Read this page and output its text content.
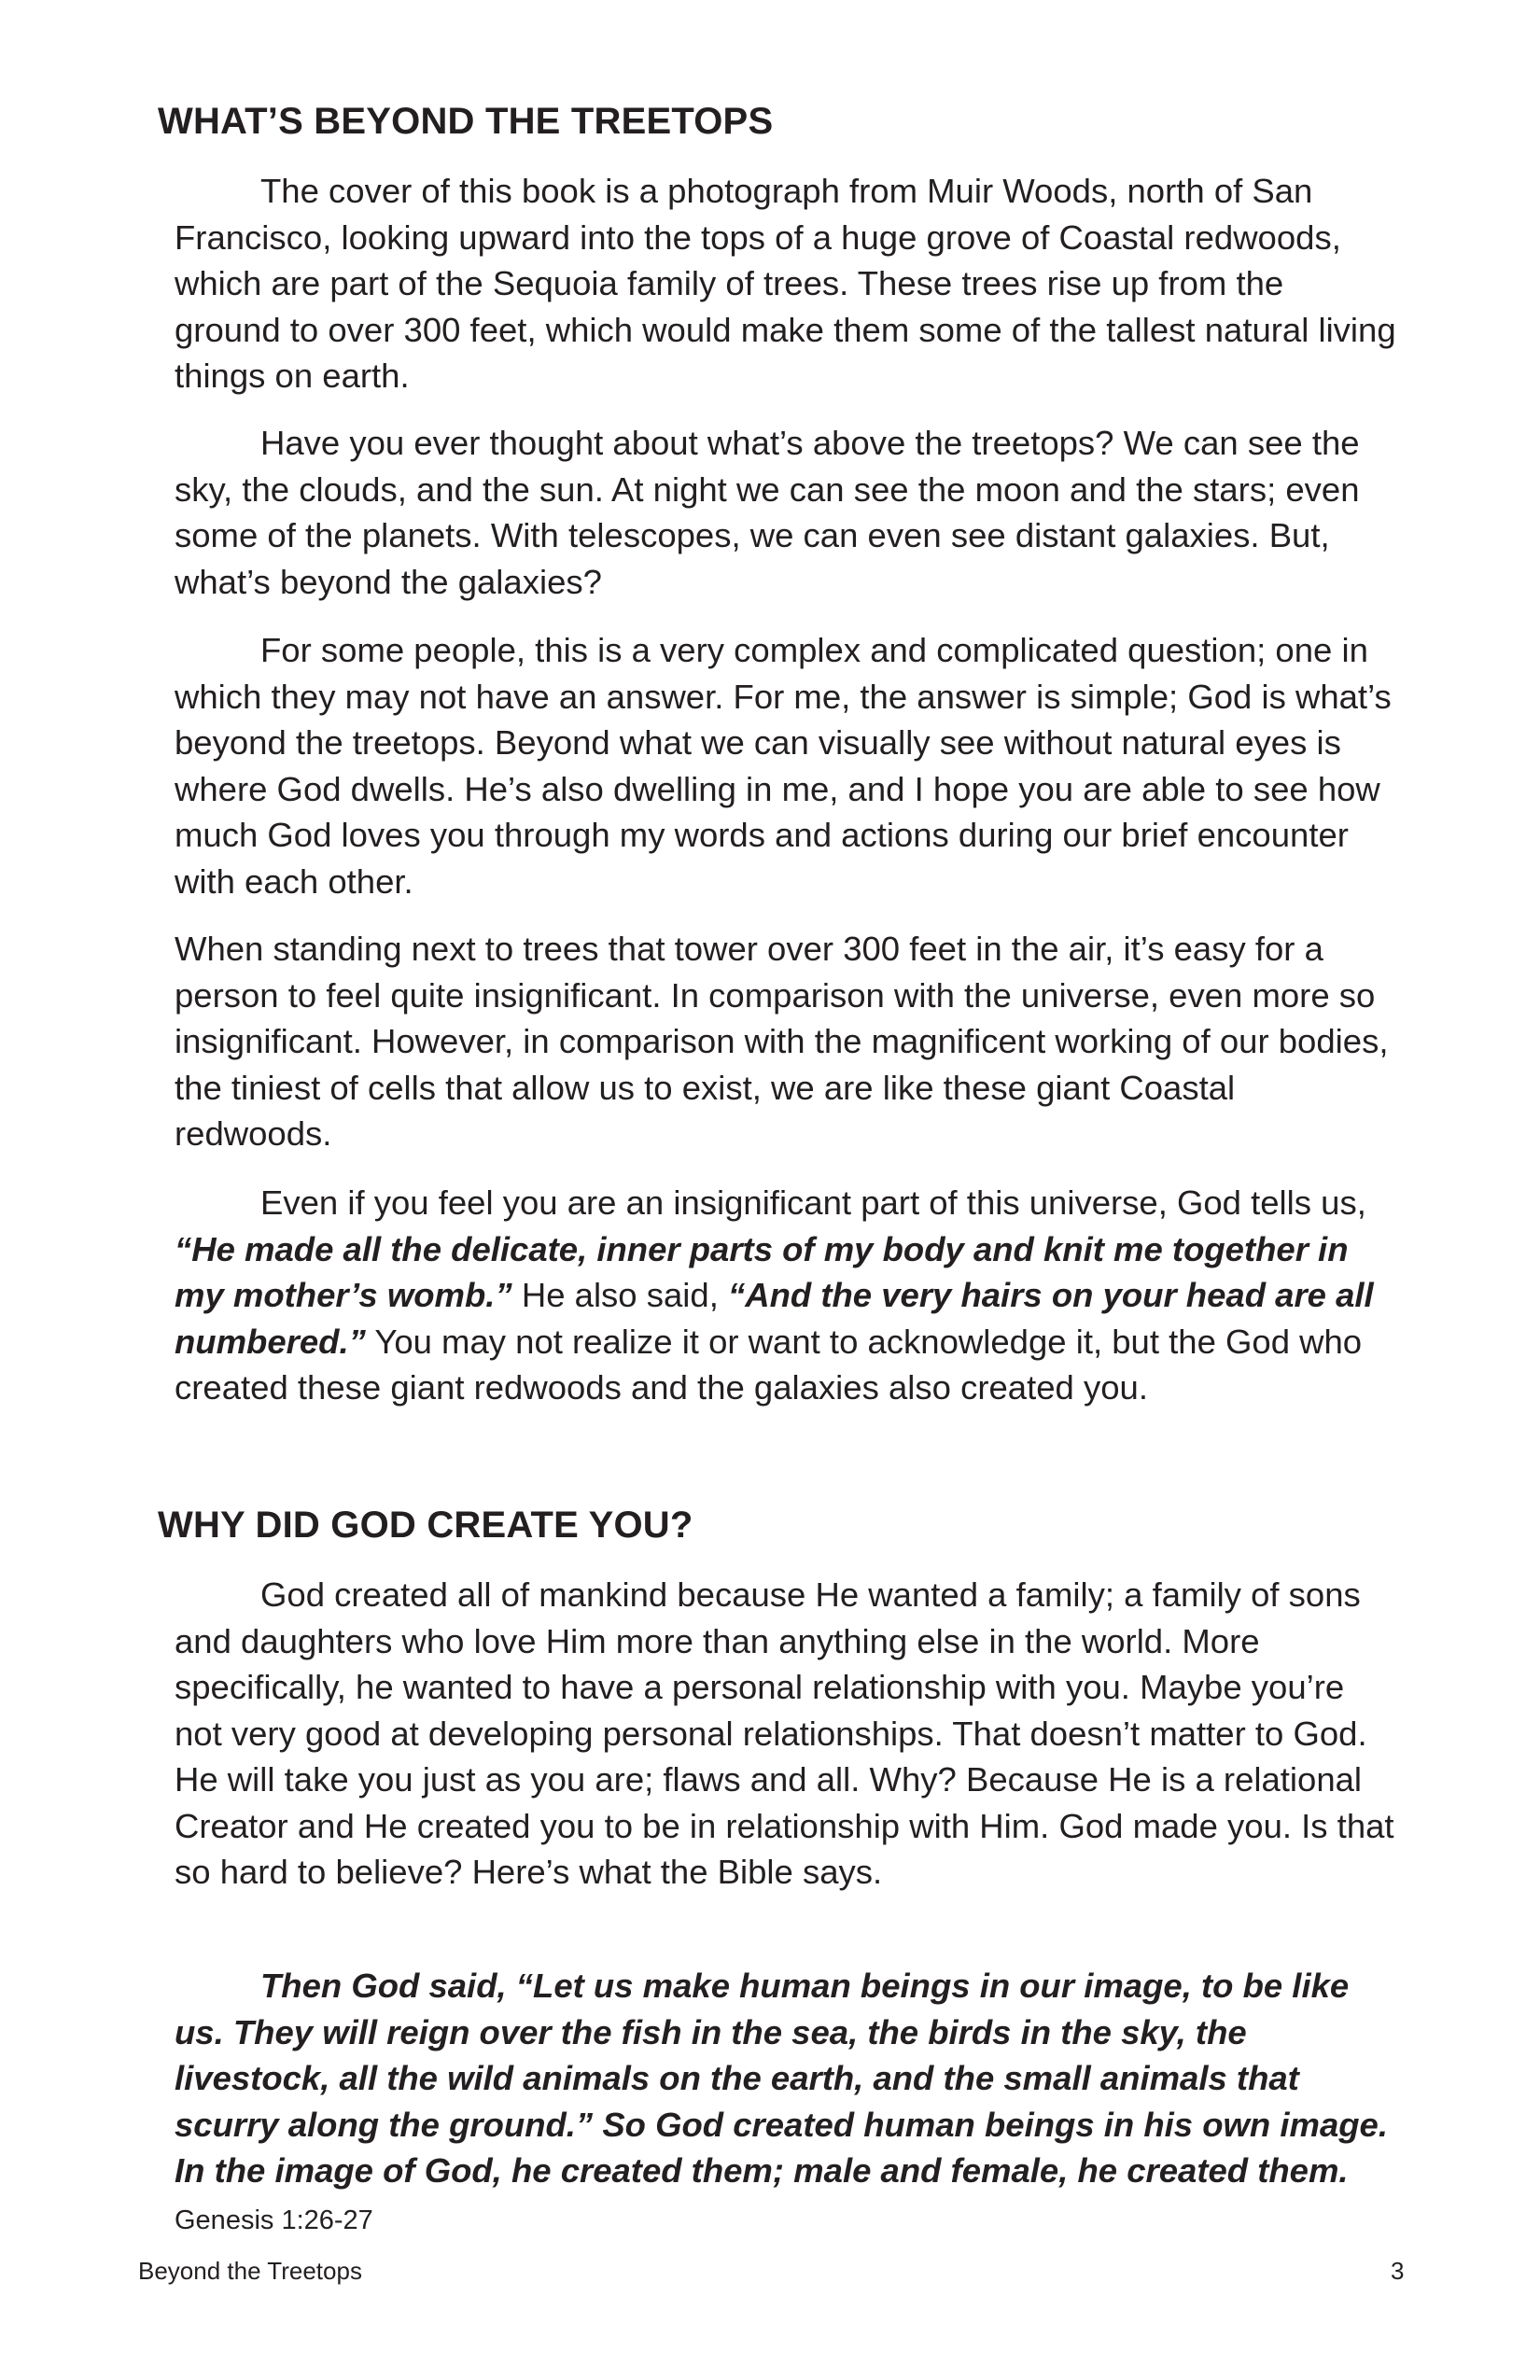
WHAT’S BEYOND THE TREETOPS

The cover of this book is a photograph from Muir Woods, north of San Francisco, looking upward into the tops of a huge grove of Coastal redwoods, which are part of the Sequoia family of trees. These trees rise up from the ground to over 300 feet, which would make them some of the tallest natural living things on earth.

Have you ever thought about what’s above the treetops? We can see the sky, the clouds, and the sun. At night we can see the moon and the stars; even some of the planets. With telescopes, we can even see distant galaxies. But, what’s beyond the galaxies?

For some people, this is a very complex and complicated question; one in which they may not have an answer. For me, the answer is simple; God is what’s beyond the treetops. Beyond what we can visually see without natural eyes is where God dwells. He’s also dwelling in me, and I hope you are able to see how much God loves you through my words and actions during our brief encounter with each other.

When standing next to trees that tower over 300 feet in the air, it’s easy for a person to feel quite insignificant. In comparison with the universe, even more so insignificant. However, in comparison with the magnificent working of our bodies, the tiniest of cells that allow us to exist, we are like these giant Coastal redwoods.

Even if you feel you are an insignificant part of this universe, God tells us, “He made all the delicate, inner parts of my body and knit me together in my mother’s womb.” He also said, “And the very hairs on your head are all numbered.” You may not realize it or want to acknowledge it, but the God who created these giant redwoods and the galaxies also created you.

WHY DID GOD CREATE YOU?

God created all of mankind because He wanted a family; a family of sons and daughters who love Him more than anything else in the world. More specifically, he wanted to have a personal relationship with you. Maybe you’re not very good at developing personal relationships. That doesn’t matter to God. He will take you just as you are; flaws and all. Why? Because He is a relational Creator and He created you to be in relationship with Him. God made you. Is that so hard to believe? Here’s what the Bible says.

Then God said, “Let us make human beings in our image, to be like us. They will reign over the fish in the sea, the birds in the sky, the livestock, all the wild animals on the earth, and the small animals that scurry along the ground.” So God created human beings in his own image. In the image of God, he created them; male and female, he created them. Genesis 1:26-27

Beyond the Treetops	3
